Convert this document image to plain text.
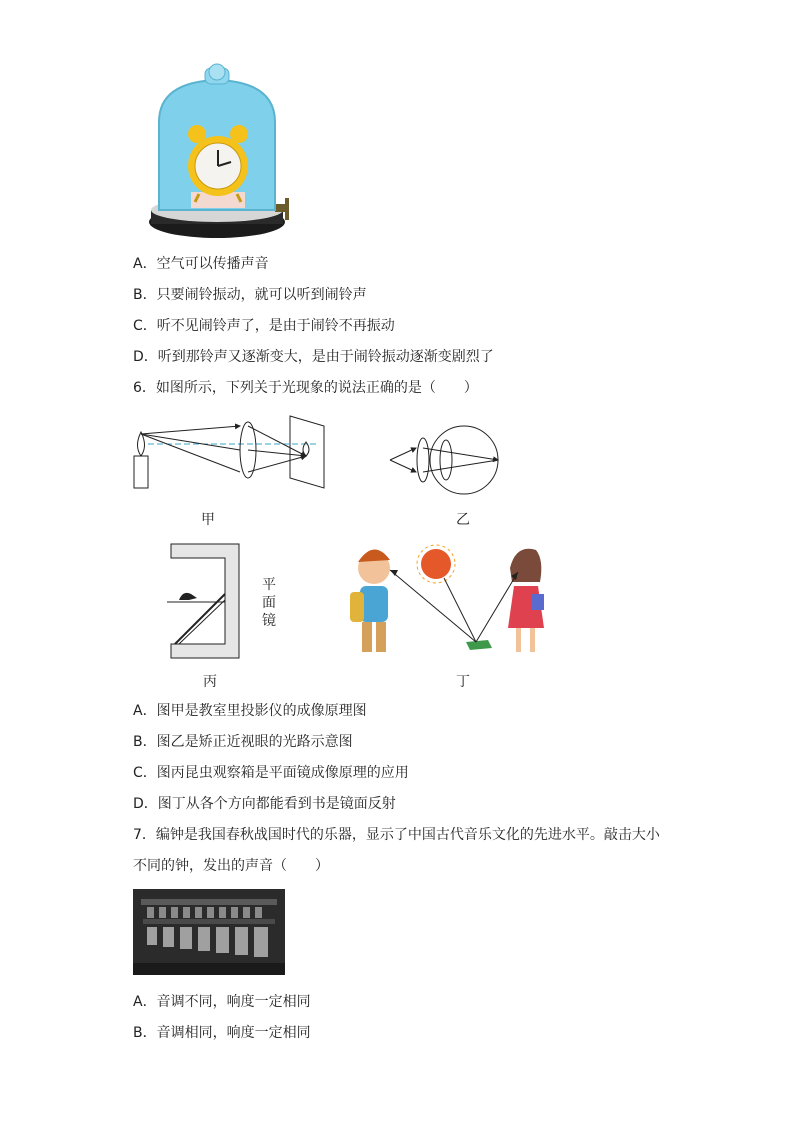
A．空气可以传播声音
B．只要闹铃振动，就可以听到闹铃声
C．听不见闹铃声了，是由于闹铃不再振动
D．听到那铃声又逐渐变大，是由于闹铃振动逐渐变剧烈了
6．如图所示，下列关于光现象的说法正确的是（　　）
甲	乙
平
面
镜
丙	丁
A．图甲是教室里投影仪的成像原理图
B．图乙是矫正近视眼的光路示意图
C．图丙昆虫观察箱是平面镜成像原理的应用
D．图丁从各个方向都能看到书是镜面反射
7．编钟是我国春秋战国时代的乐器，显示了中国古代音乐文化的先进水平。敲击大小
不同的钟，发出的声音（　　）
A．音调不同，响度一定相同
B．音调相同，响度一定相同
